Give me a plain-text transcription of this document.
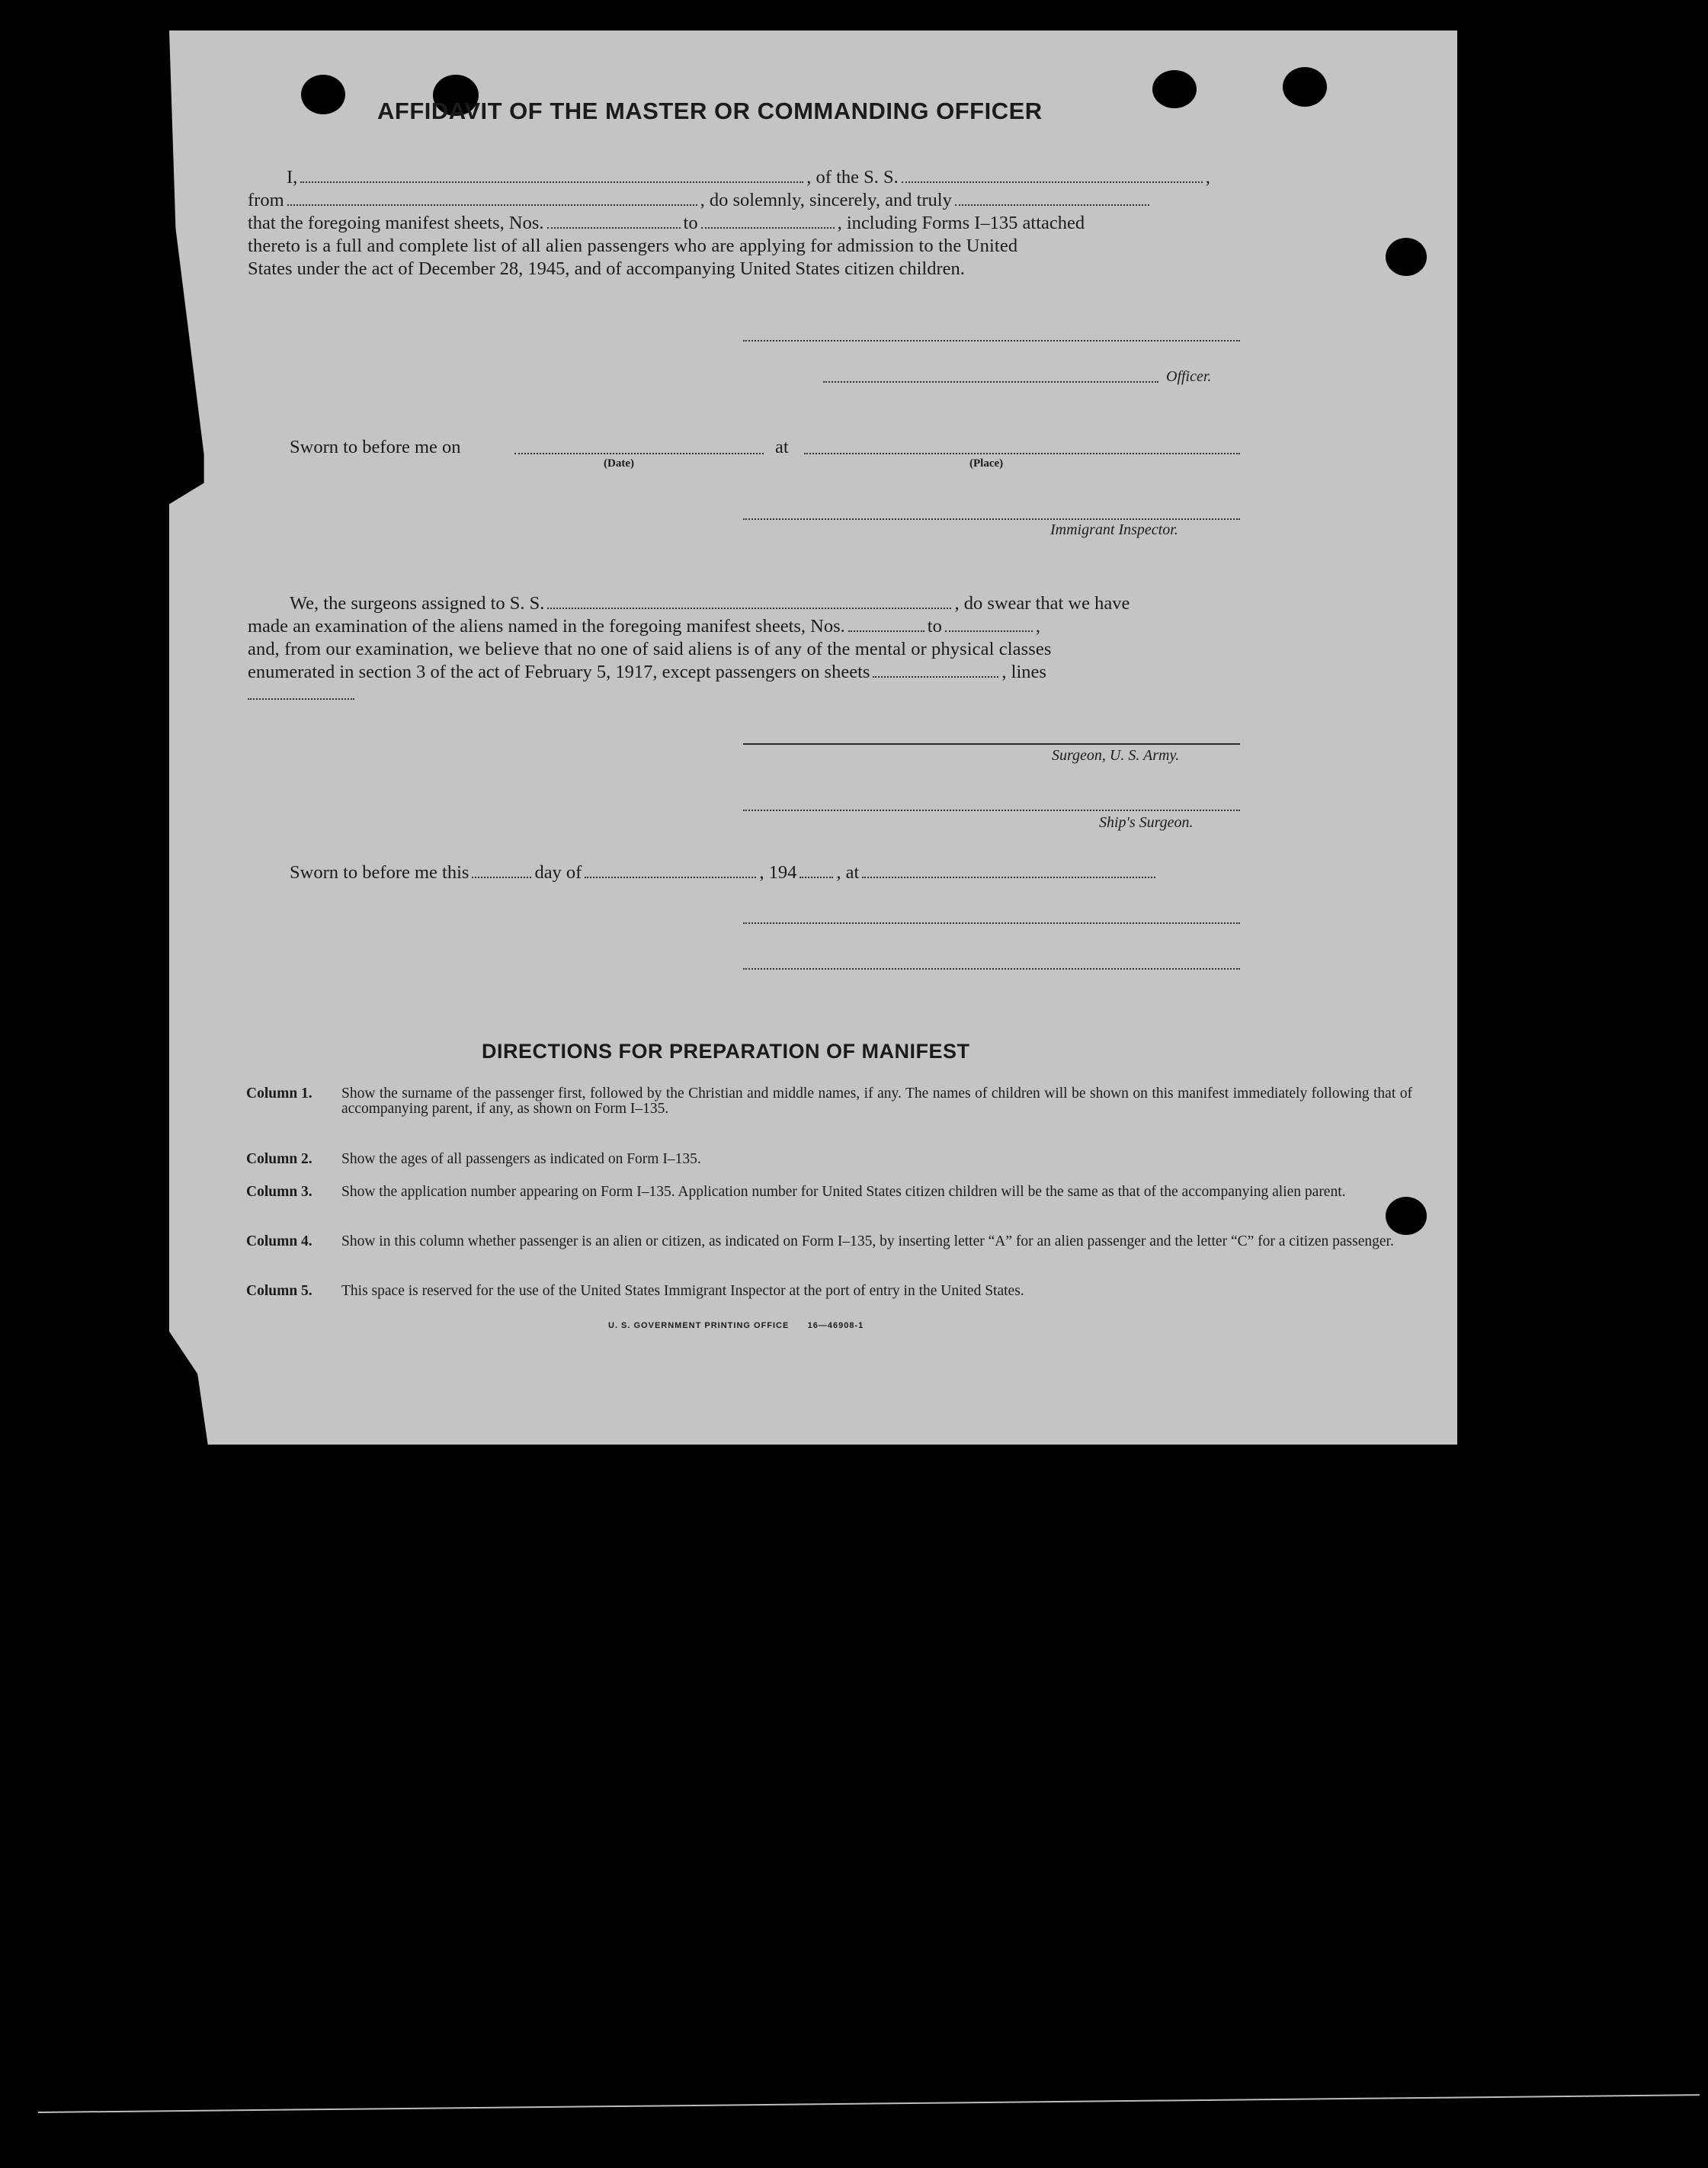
AFFIDAVIT OF THE MASTER OR COMMANDING OFFICER
I,	, of the S. S.	,
from	, do solemnly, sincerely, and truly
that the foregoing manifest sheets, Nos.	to	, including Forms I–135 attached
thereto is a full and complete list of all alien passengers who are applying for admission to the United
States under the act of December 28, 1945, and of accompanying United States citizen children.
Officer.
Sworn to before me on	at
(Date)	(Place)
Immigrant Inspector.
We, the surgeons assigned to S. S.	, do swear that we have
made an examination of the aliens named in the foregoing manifest sheets, Nos.	to	,
and, from our examination, we believe that no one of said aliens is of any of the mental or physical classes
enumerated in section 3 of the act of February 5, 1917, except passengers on sheets	, lines
Surgeon, U. S. Army.
Ship's Surgeon.
Sworn to before me this	day of	, 194 , at
DIRECTIONS FOR PREPARATION OF MANIFEST
Column 1.	Show the surname of the passenger first, followed by the Christian and middle names, if any. The names of children will be shown on this manifest immediately following that of accompanying parent, if any, as shown on Form I–135.
Column 2.	Show the ages of all passengers as indicated on Form I–135.
Column 3.	Show the application number appearing on Form I–135. Application number for United States citizen children will be the same as that of the accompanying alien parent.
Column 4.	Show in this column whether passenger is an alien or citizen, as indicated on Form I–135, by inserting letter “A” for an alien passenger and the letter “C” for a citizen passenger.
Column 5.	This space is reserved for the use of the United States Immigrant Inspector at the port of entry in the United States.
U. S. GOVERNMENT PRINTING OFFICE      16—46908-1
